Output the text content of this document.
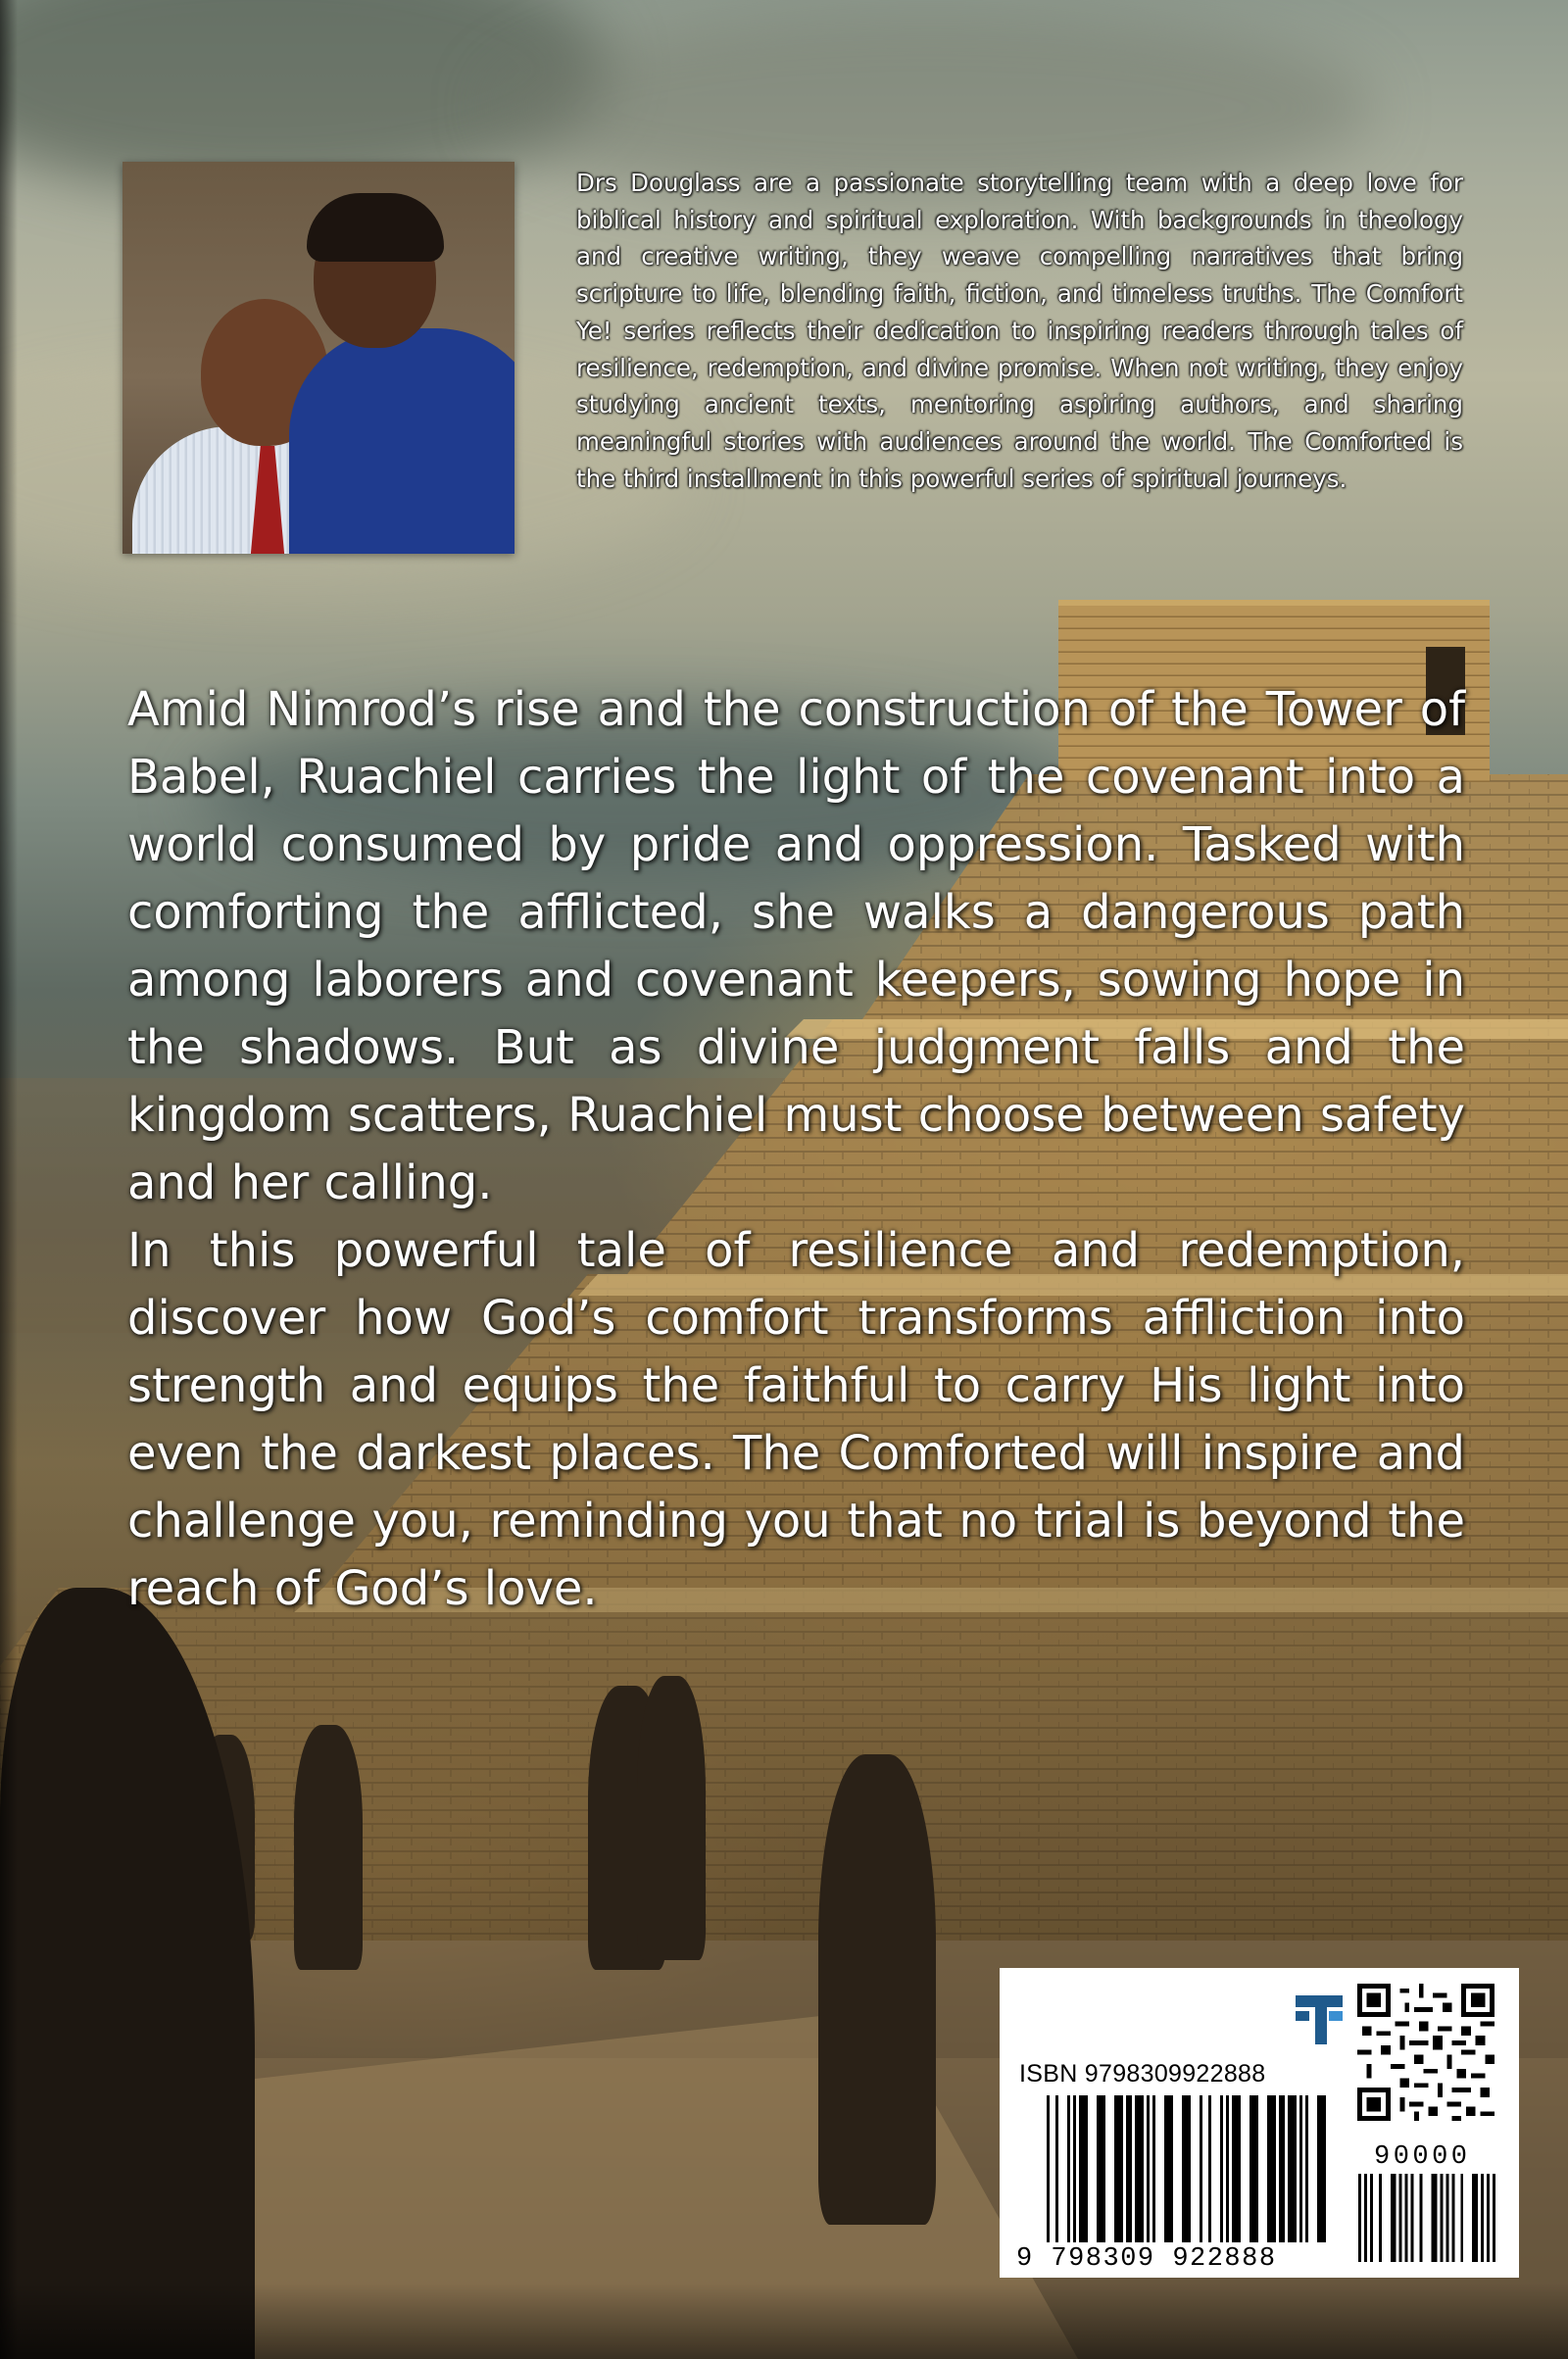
Drs Douglass are a passionate storytelling team with a deep love for biblical history and spiritual exploration. With backgrounds in theology and creative writing, they weave compelling narratives that bring scripture to life, blending faith, fiction, and timeless truths. The Comfort Ye! series reflects their dedication to inspiring readers through tales of resilience, redemption, and divine promise. When not writing, they enjoy studying ancient texts, mentoring aspiring authors, and sharing meaningful stories with audiences around the world. The Comforted is the third installment in this powerful series of spiritual journeys.

Amid Nimrod’s rise and the construction of the Tower of Babel, Ruachiel carries the light of the covenant into a world consumed by pride and oppression. Tasked with comforting the afflicted, she walks a dangerous path among laborers and covenant keepers, sowing hope in the shadows. But as divine judgment falls and the kingdom scatters, Ruachiel must choose between safety and her calling.

In this powerful tale of resilience and redemption, discover how God’s comfort transforms affliction into strength and equips the faithful to carry His light into even the darkest places. The Comforted will inspire and challenge you, reminding you that no trial is beyond the reach of God’s love.

ISBN 9798309922888
90000
9 798309 922888
